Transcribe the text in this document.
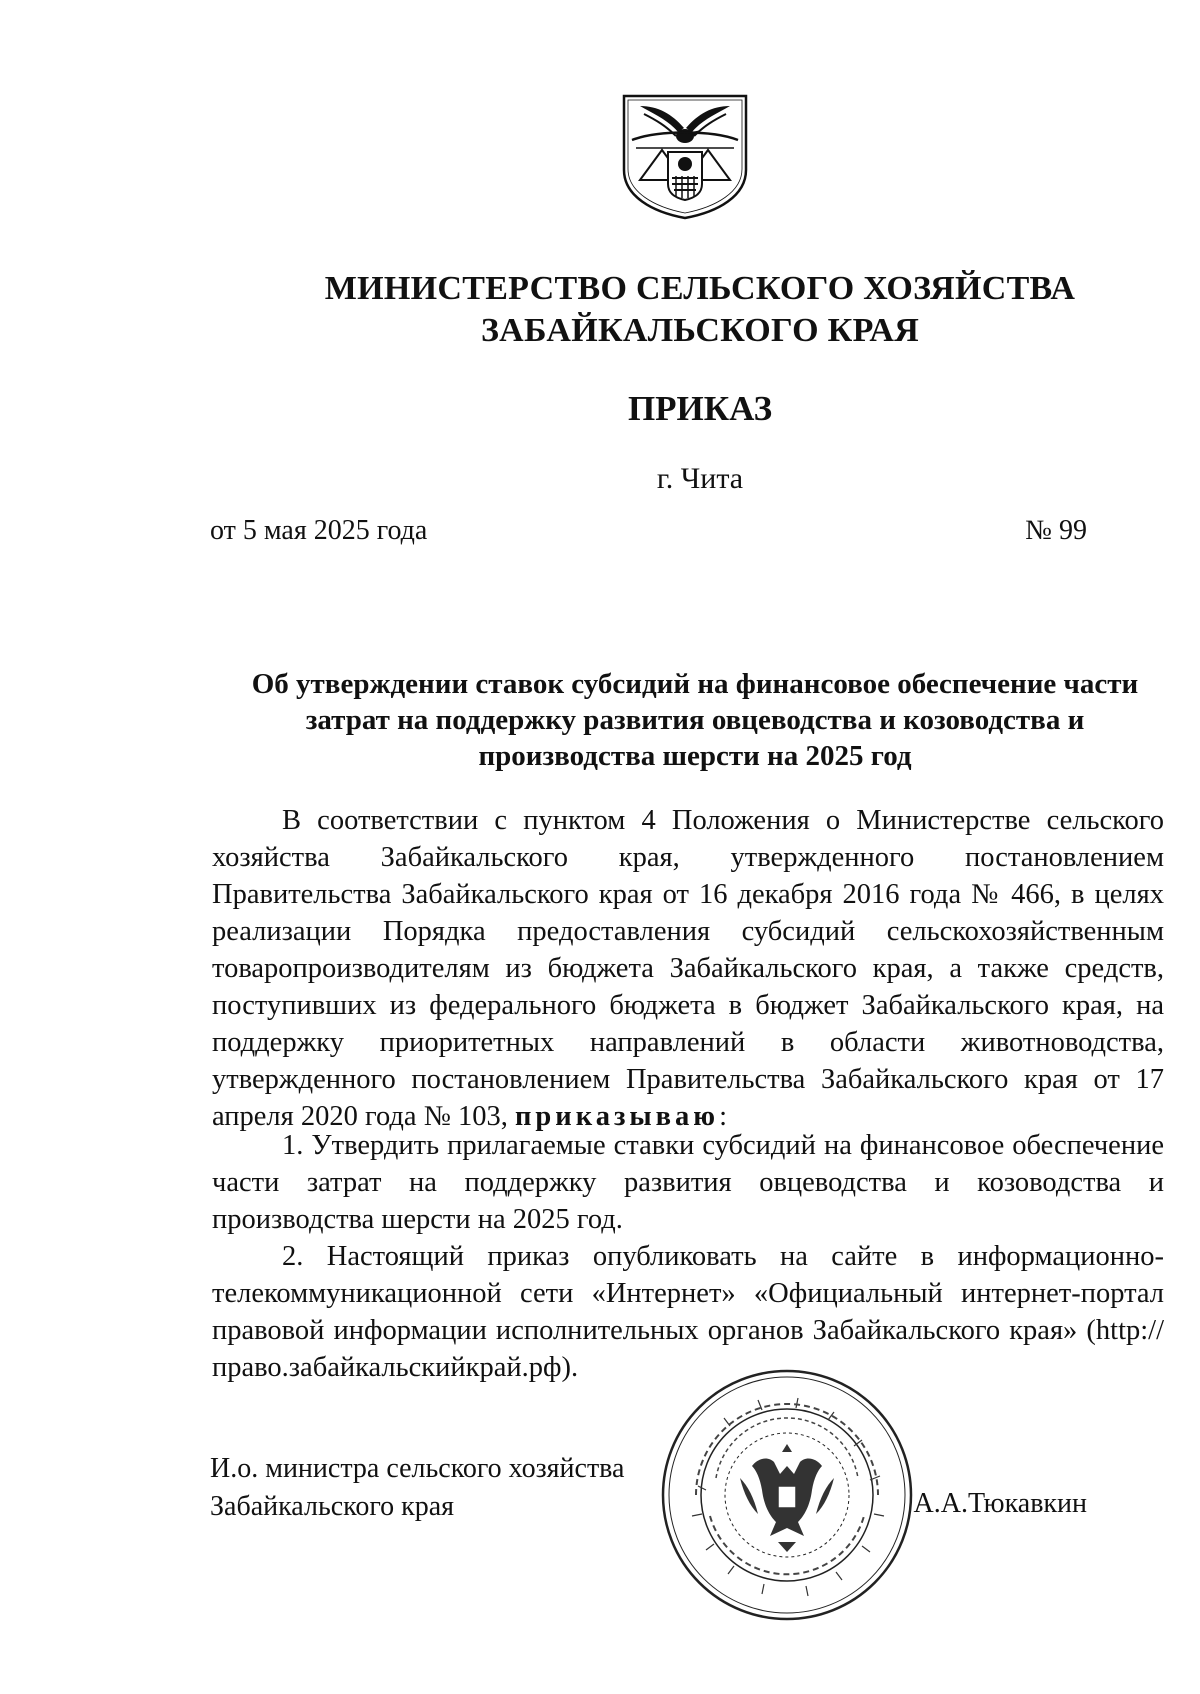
МИНИСТЕРСТВО СЕЛЬСКОГО ХОЗЯЙСТВА
ЗАБАЙКАЛЬСКОГО КРАЯ
ПРИКАЗ
г. Чита
от 5 мая 2025 года	№ 99
Об утверждении ставок субсидий на финансовое обеспечение части затрат на поддержку развития овцеводства и козоводства и производства шерсти на 2025 год

В соответствии с пунктом 4 Положения о Министерстве сельского хозяйства Забайкальского края, утвержденного постановлением Правительства Забайкальского края от 16 декабря 2016 года № 466, в целях реализации Порядка предоставления субсидий сельскохозяйственным товаропроизводителям из бюджета Забайкальского края, а также средств, поступивших из федерального бюджета в бюджет Забайкальского края, на поддержку приоритетных направлений в области животноводства, утвержденного постановлением Правительства Забайкальского края от 17 апреля 2020 года № 103, приказываю:

1. Утвердить прилагаемые ставки субсидий на финансовое обеспечение части затрат на поддержку развития овцеводства и козоводства и производства шерсти на 2025 год.

2. Настоящий приказ опубликовать на сайте в информационно-телекоммуникационной сети «Интернет» «Официальный интернет-портал правовой информации исполнительных органов Забайкальского края» (http://право.забайкальскийкрай.рф).

И.о. министра сельского хозяйства
Забайкальского края	А.А.Тюкавкин
